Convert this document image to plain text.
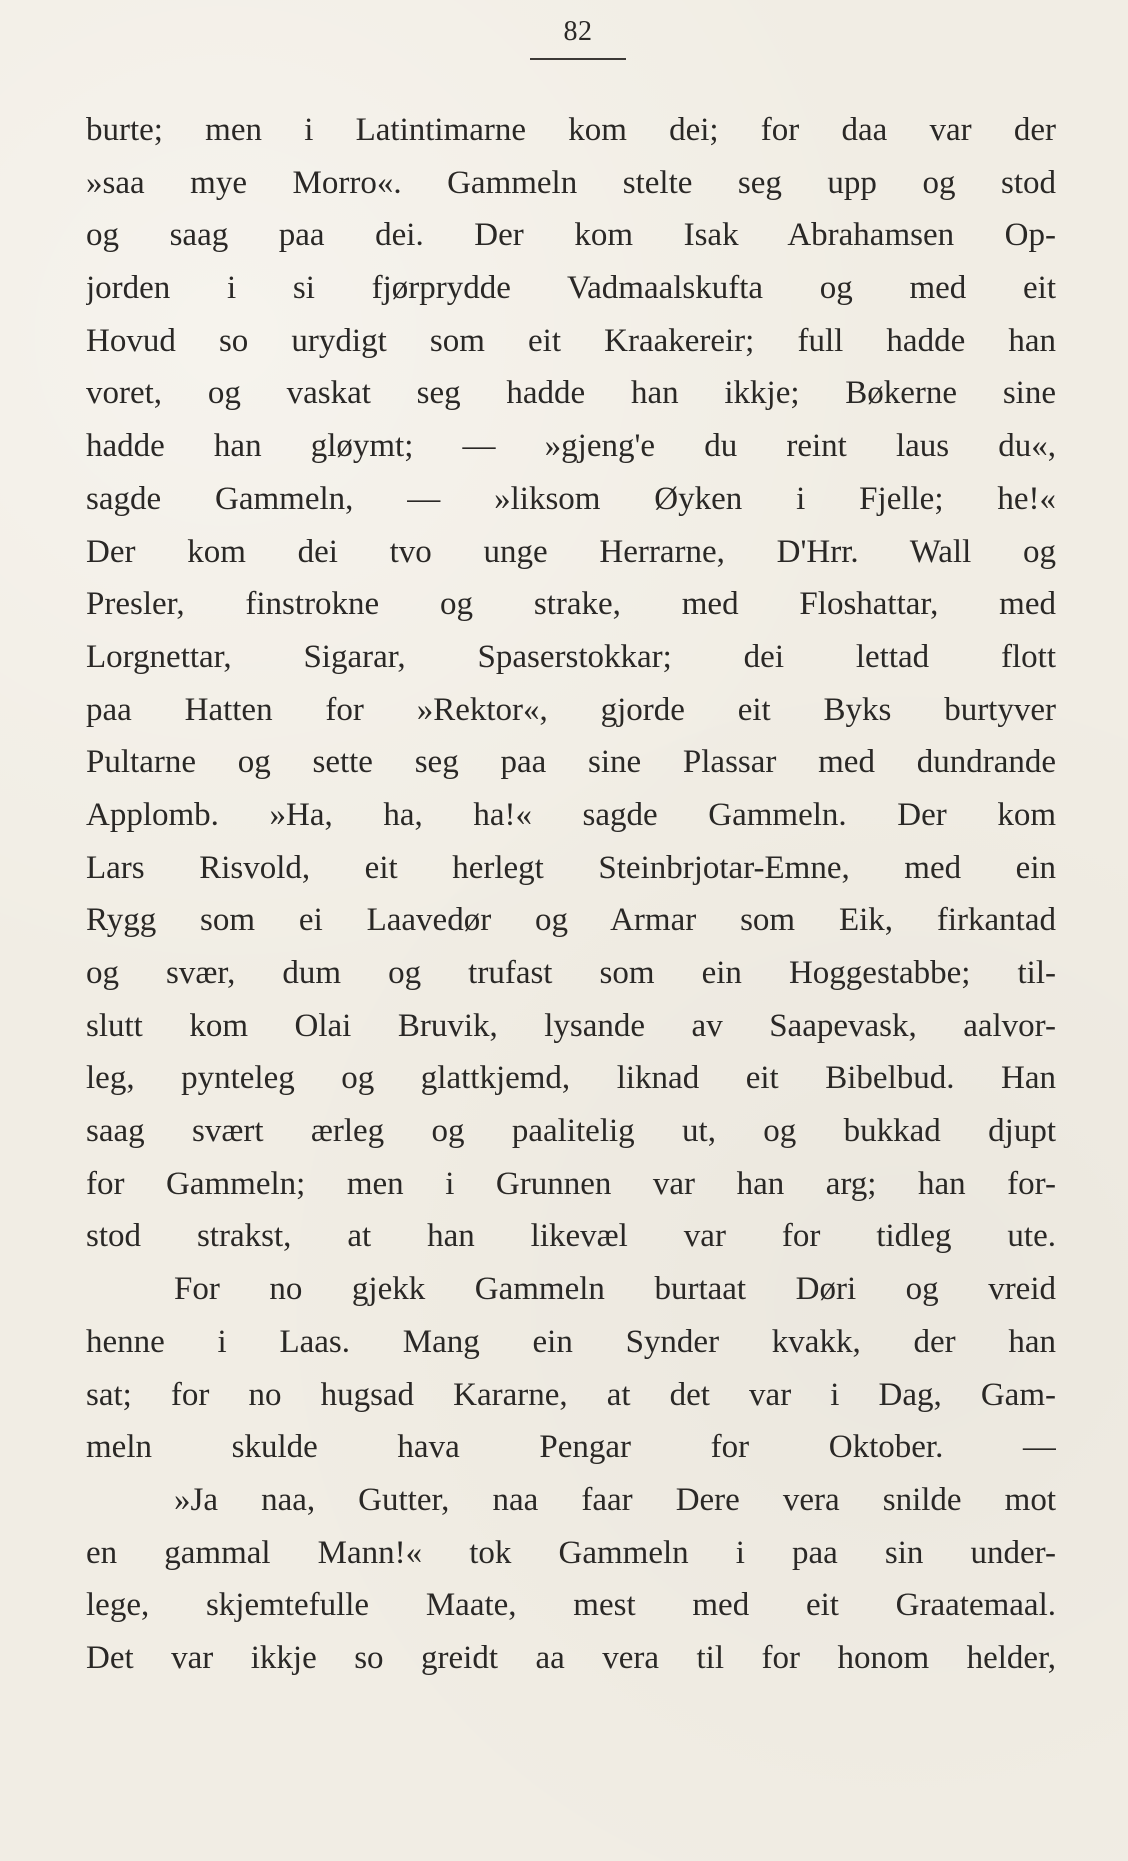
82
burte; men i Latintimarne kom dei; for daa var der
»saa mye Morro«. Gammeln stelte seg upp og stod
og saag paa dei. Der kom Isak Abrahamsen Op-
jorden i si fjørprydde Vadmaalskufta og med eit
Hovud so urydigt som eit Kraakereir; full hadde han
voret, og vaskat seg hadde han ikkje; Bøkerne sine
hadde han gløymt; — »gjeng'e du reint laus du«,
sagde Gammeln, — »liksom Øyken i Fjelle; he!«
Der kom dei tvo unge Herrarne, D'Hrr. Wall og
Presler, finstrokne og strake, med Floshattar, med
Lorgnettar, Sigarar, Spaserstokkar; dei lettad flott
paa Hatten for »Rektor«, gjorde eit Byks burtyver
Pultarne og sette seg paa sine Plassar med dundrande
Applomb. »Ha, ha, ha!« sagde Gammeln. Der kom
Lars Risvold, eit herlegt Steinbrjotar-Emne, med ein
Rygg som ei Laavedør og Armar som Eik, firkantad
og svær, dum og trufast som ein Hoggestabbe; til-
slutt kom Olai Bruvik, lysande av Saapevask, aalvor-
leg, pynteleg og glattkjemd, liknad eit Bibelbud. Han
saag svært ærleg og paalitelig ut, og bukkad djupt
for Gammeln; men i Grunnen var han arg; han for-
stod strakst, at han likevæl var for tidleg ute.
For no gjekk Gammeln burtaat Døri og vreid
henne i Laas. Mang ein Synder kvakk, der han
sat; for no hugsad Kararne, at det var i Dag, Gam-
meln skulde hava Pengar for Oktober. —
»Ja naa, Gutter, naa faar Dere vera snilde mot
en gammal Mann!« tok Gammeln i paa sin under-
lege, skjemtefulle Maate, mest med eit Graatemaal.
Det var ikkje so greidt aa vera til for honom helder,
